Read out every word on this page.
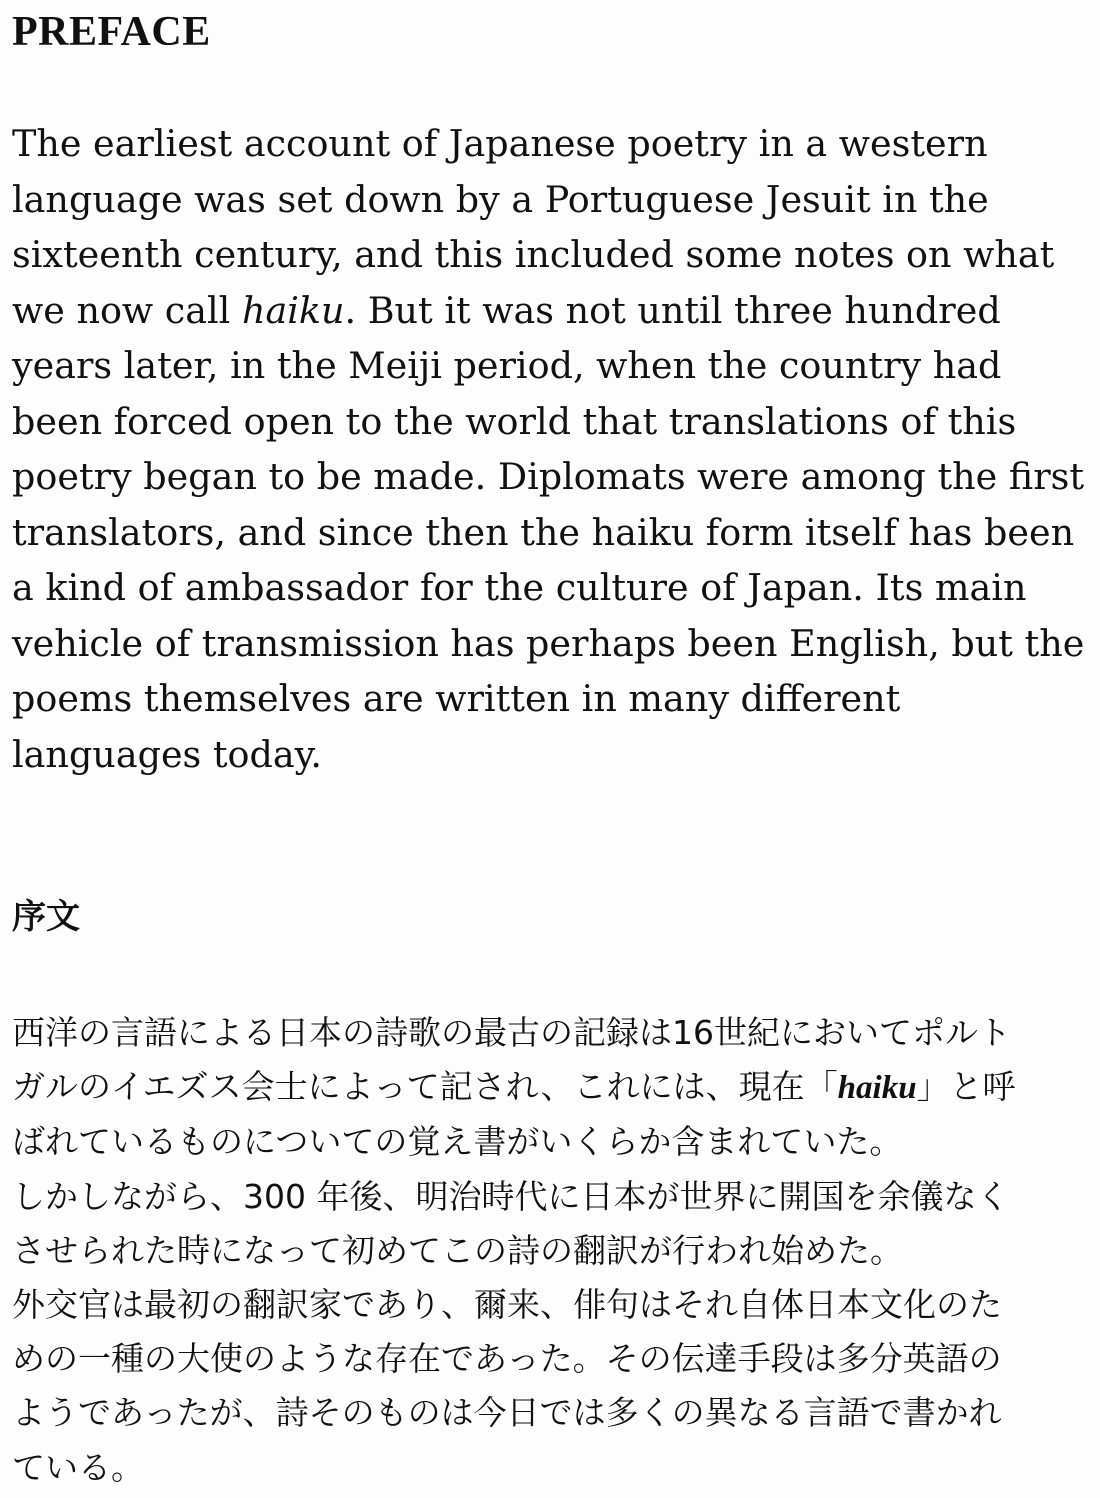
PREFACE

The earliest account of Japanese poetry in a western
language was set down by a Portuguese Jesuit in the
sixteenth century, and this included some notes on what
we now call haiku. But it was not until three hundred
years later, in the Meiji period, when the country had
been forced open to the world that translations of this
poetry began to be made. Diplomats were among the first
translators, and since then the haiku form itself has been
a kind of ambassador for the culture of Japan. Its main
vehicle of transmission has perhaps been English, but the
poems themselves are written in many different
languages today.

序文

西洋の言語による日本の詩歌の最古の記録は16世紀においてポルト
ガルのイエズス会士によって記され、これには、現在「haiku」と呼
ばれているものについての覚え書がいくらか含まれていた。
しかしながら、300 年後、明治時代に日本が世界に開国を余儀なく
させられた時になって初めてこの詩の翻訳が行われ始めた。
外交官は最初の翻訳家であり、爾来、俳句はそれ自体日本文化のた
めの一種の大使のような存在であった。その伝達手段は多分英語の
ようであったが、詩そのものは今日では多くの異なる言語で書かれ
ている。
